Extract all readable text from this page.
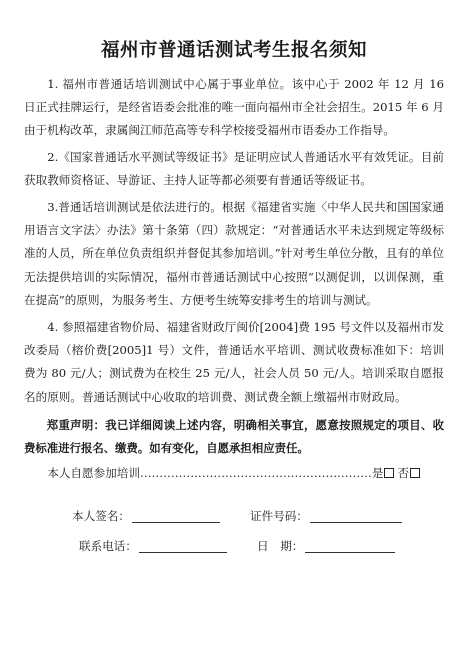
福州市普通话测试考生报名须知

1. 福州市普通话培训测试中心属于事业单位。该中心于 2002 年 12 月 16 日正式挂牌运行，是经省语委会批准的唯一面向福州市全社会招生。2015 年 6 月由于机构改革，隶属闽江师范高等专科学校接受福州市语委办工作指导。

2.《国家普通话水平测试等级证书》是证明应试人普通话水平有效凭证。目前获取教师资格证、导游证、主持人证等都必须要有普通话等级证书。

3.普通话培训测试是依法进行的。根据《福建省实施〈中华人民共和国国家通用语言文字法〉办法》第十条第（四）款规定：“对普通话水平未达到规定等级标准的人员，所在单位负责组织并督促其参加培训。”针对考生单位分散，且有的单位无法提供培训的实际情况，福州市普通话测试中心按照“以测促训，以训保测，重在提高”的原则，为服务考生、方便考生统筹安排考生的培训与测试。

4. 参照福建省物价局、福建省财政厅闽价[2004]费 195 号文件以及福州市发改委局（榕价费[2005]1 号）文件，普通话水平培训、测试收费标准如下：培训费为 80 元/人；测试费为在校生 25 元/人，社会人员 50 元/人。培训采取自愿报名的原则。普通话测试中心收取的培训费、测试费全额上缴福州市财政局。

郑重声明：我已详细阅读上述内容，明确相关事宜，愿意按照规定的项目、收费标准进行报名、缴费。如有变化，自愿承担相应责任。

本人自愿参加培训……………………………………………………是 否
本人签名：	证件号码：
联系电话：	日　期：
